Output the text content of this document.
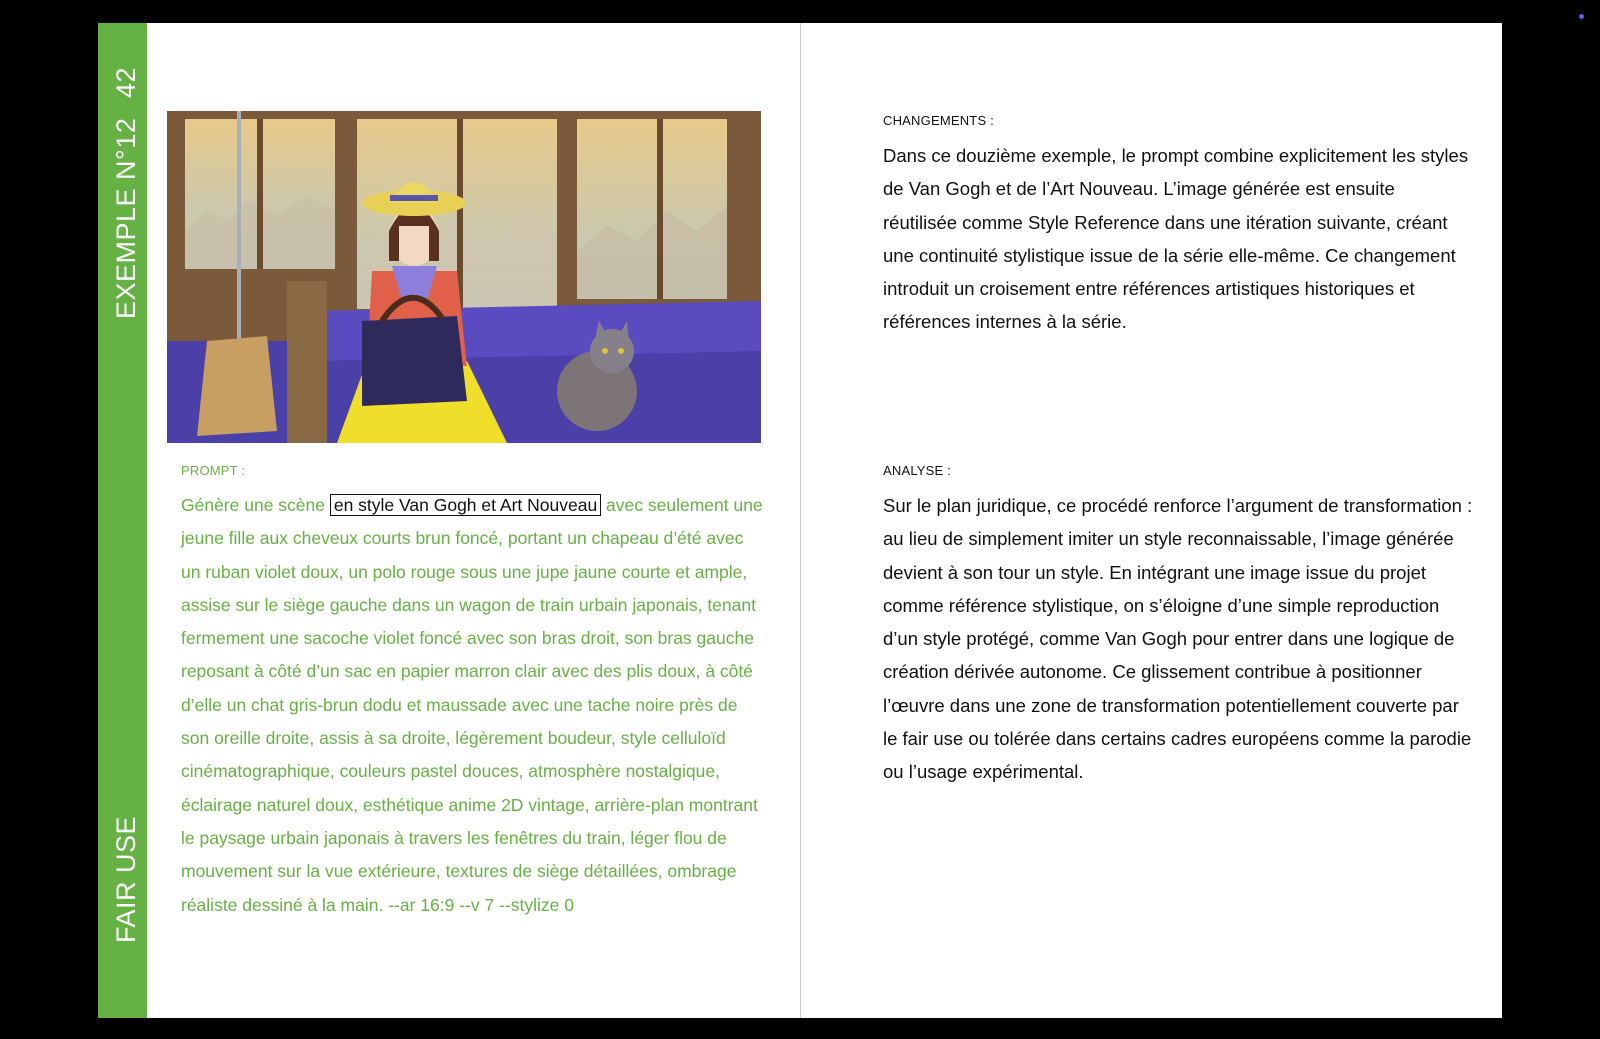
42
EXEMPLE N°12
FAIR USE
PROMPT :
Génère une scène en style Van Gogh et Art Nouveau avec seulement une jeune fille aux cheveux courts brun foncé, portant un chapeau d’été avec un ruban violet doux, un polo rouge sous une jupe jaune courte et ample, assise sur le siège gauche dans un wagon de train urbain japonais, tenant fermement une sacoche violet foncé avec son bras droit, son bras gauche reposant à côté d’un sac en papier marron clair avec des plis doux, à côté d’elle un chat gris-brun dodu et maussade avec une tache noire près de son oreille droite, assis à sa droite, légèrement boudeur, style celluloïd cinématographique, couleurs pastel douces, atmosphère nostalgique, éclairage naturel doux, esthétique anime 2D vintage, arrière-plan montrant le paysage urbain japonais à travers les fenêtres du train, léger flou de mouvement sur la vue extérieure, textures de siège détaillées, ombrage réaliste dessiné à la main. --ar 16:9 --v 7 --stylize 0
CHANGEMENTS :
Dans ce douzième exemple, le prompt combine explicitement les styles de Van Gogh et de l’Art Nouveau. L’image générée est ensuite réutilisée comme Style Reference dans une itération suivante, créant une continuité stylistique issue de la série elle-même. Ce changement introduit un croisement entre références artistiques historiques et références internes à la série.
ANALYSE :
Sur le plan juridique, ce procédé renforce l’argument de transformation : au lieu de simplement imiter un style reconnaissable, l’image générée devient à son tour un style. En intégrant une image issue du projet comme référence stylistique, on s’éloigne d’une simple reproduction d’un style protégé, comme Van Gogh pour entrer dans une logique de création dérivée autonome. Ce glissement contribue à positionner l’œuvre dans une zone de transformation potentiellement couverte par le fair use ou tolérée dans certains cadres européens comme la parodie ou l’usage expérimental.
